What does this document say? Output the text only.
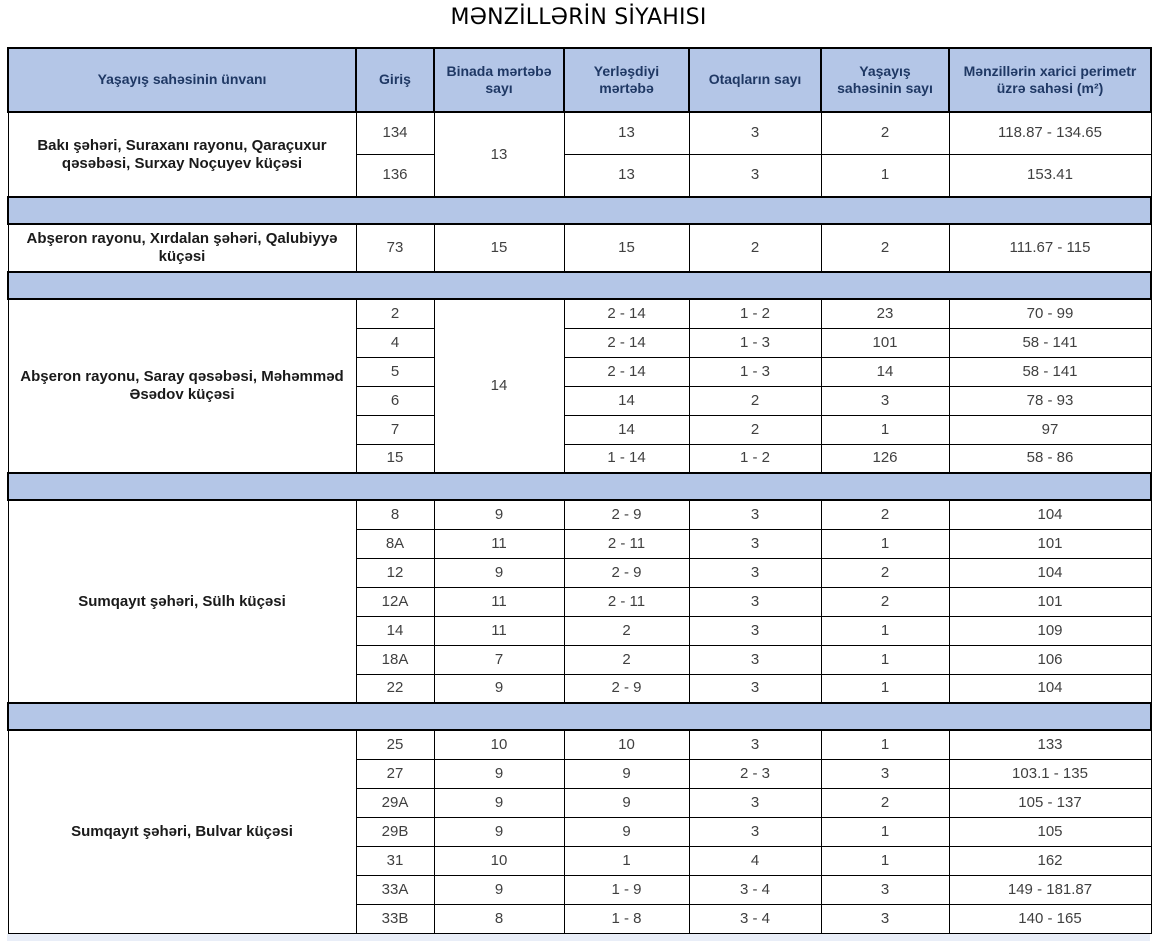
MƏNZİLLƏRİN SİYAHISI
Yaşayış sahəsinin ünvanı	Giriş	Binada mərtəbə sayı	Yerləşdiyi mərtəbə	Otaqların sayı	Yaşayış sahəsinin sayı	Mənzillərin xarici perimetr üzrə sahəsi (m²)
Bakı şəhəri, Suraxanı rayonu, Qaraçuxur qəsəbəsi, Surxay Noçuyev küçəsi	134	13	13	3	2	118.87 - 134.65
	136		13	3	1	153.41

Abşeron rayonu, Xırdalan şəhəri, Qalubiyyə küçəsi	73	15	15	2	2	111.67 - 115

Abşeron rayonu, Saray qəsəbəsi, Məhəmməd Əsədov küçəsi	2	14	2 - 14	1 - 2	23	70 - 99
	4		2 - 14	1 - 3	101	58 - 141
	5		2 - 14	1 - 3	14	58 - 141
	6		14	2	3	78 - 93
	7		14	2	1	97
	15		1 - 14	1 - 2	126	58 - 86

Sumqayıt şəhəri, Sülh küçəsi	8	9	2 - 9	3	2	104
	8A	11	2 - 11	3	1	101
	12	9	2 - 9	3	2	104
	12A	11	2 - 11	3	2	101
	14	11	2	3	1	109
	18A	7	2	3	1	106
	22	9	2 - 9	3	1	104

Sumqayıt şəhəri, Bulvar küçəsi	25	10	10	3	1	133
	27	9	9	2 - 3	3	103.1 - 135
	29A	9	9	3	2	105 - 137
	29B	9	9	3	1	105
	31	10	1	4	1	162
	33A	9	1 - 9	3 - 4	3	149 - 181.87
	33B	8	1 - 8	3 - 4	3	140 - 165
